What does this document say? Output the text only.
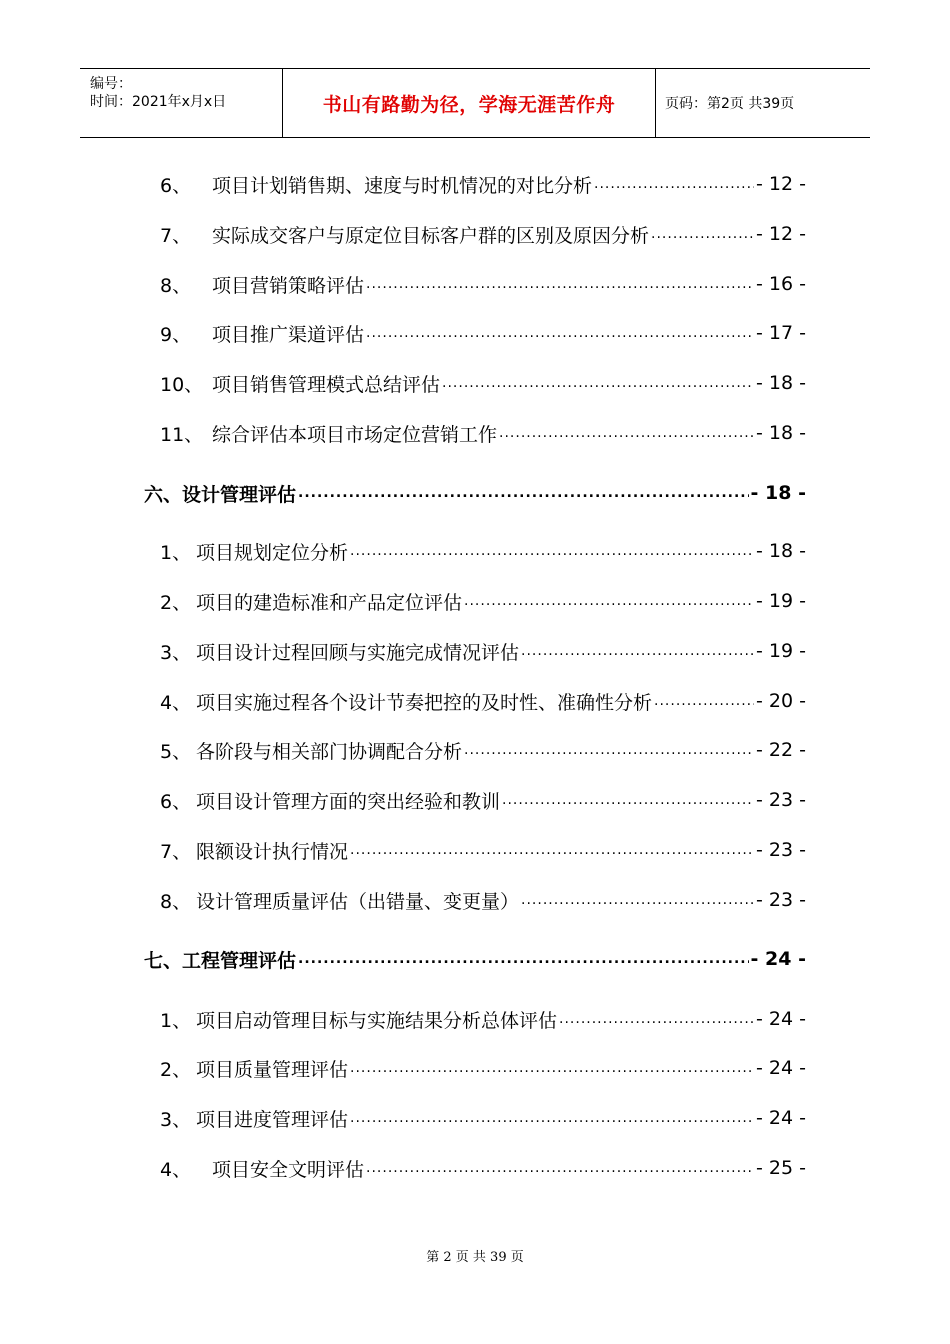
编号：
时间：2021年x月x日	书山有路勤为径，学海无涯苦作舟	页码：第2页 共39页
6、	项目计划销售期、速度与时机情况的对比分析 .....	- 12 -
7、	实际成交客户与原定位目标客户群的区别及原因分析 .....	- 12 -
8、	项目营销策略评估 .....	- 16 -
9、	项目推广渠道评估 .....	- 17 -
10、 项目销售管理模式总结评估 .....	- 18 -
11、 综合评估本项目市场定位营销工作 .....	- 18 -
六、设计管理评估 .....	- 18 -
1、 项目规划定位分析 .....	- 18 -
2、 项目的建造标准和产品定位评估 .....	- 19 -
3、 项目设计过程回顾与实施完成情况评估 .....	- 19 -
4、 项目实施过程各个设计节奏把控的及时性、准确性分析 .....	- 20 -
5、 各阶段与相关部门协调配合分析 .....	- 22 -
6、 项目设计管理方面的突出经验和教训 .....	- 23 -
7、 限额设计执行情况 .....	- 23 -
8、 设计管理质量评估（出错量、变更量） .....	- 23 -
七、工程管理评估 .....	- 24 -
1、 项目启动管理目标与实施结果分析总体评估 .....	- 24 -
2、 项目质量管理评估 .....	- 24 -
3、 项目进度管理评估 .....	- 24 -
4、	项目安全文明评估 .....	- 25 -
第 2 页 共 39 页
